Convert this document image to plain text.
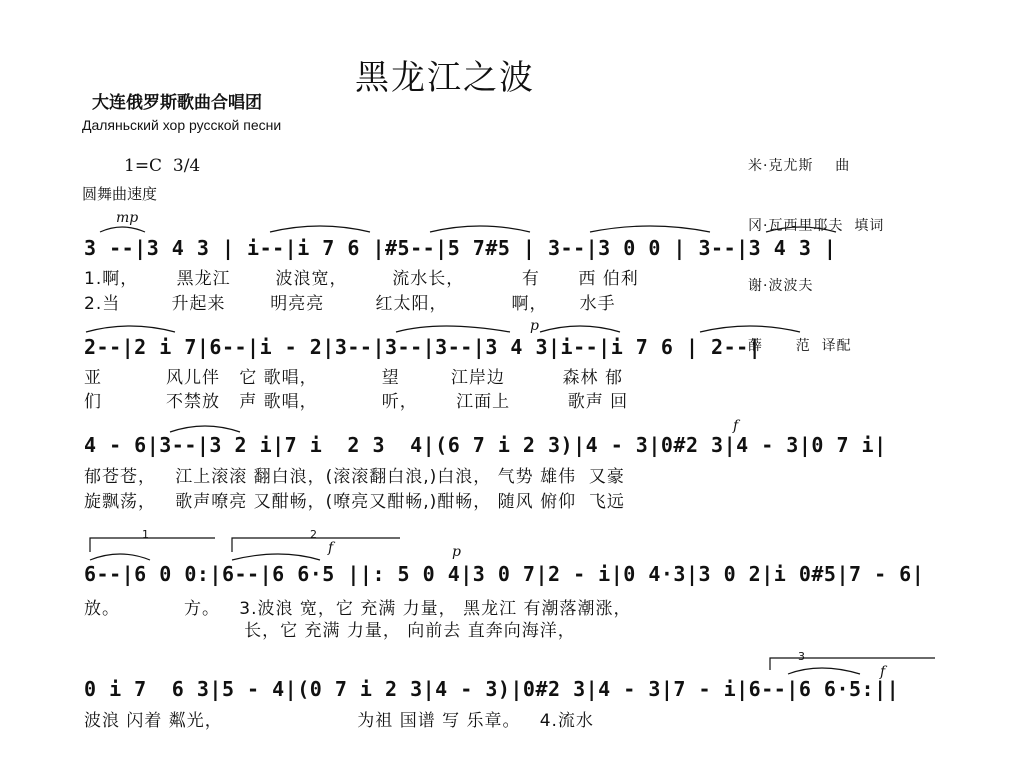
黑龙江之波
大连俄罗斯歌曲合唱团
Даляньский хор русской песни
1=C  3/4
圆舞曲速度

米·克尤斯    曲

冈·瓦西里耶夫  填词

谢·波波夫

薛      范  译配

mp
3 --|3 4 3 | i--|i 7 6 |#5--|5 7#5 | 3--|3 0 0 | 3--|3 4 3 |
1.啊，      黑龙江       波浪宽，       流水长，         有      西 伯利
2.当        升起来       明亮亮        红太阳，          啊，     水手
p
2--|2 i 7|6--|i - 2|3--|3--|3--|3 4 3|i--|i 7 6 | 2--|
亚          风儿伴   它 歌唱，          望        江岸边         森林 郁
们          不禁放   声 歌唱，          听，      江面上         歌声 回
f
4 - 6|3--|3 2 i|7 i  2 3  4|(6 7 i 2 3)|4 - 3|0#2 3|4 - 3|0 7 i|
郁苍苍，   江上滚滚 翻白浪，(滚滚翻白浪,)白浪， 气势 雄伟  又豪
旋飘荡，   歌声嘹亮 又酣畅，(嘹亮又酣畅,)酣畅， 随风 俯仰  飞远
1	2
f	p
6--|6 0 0:|6--|6 6·5 ||: 5 0 4|3 0 7|2 - i|0 4·3|3 0 2|i 0#5|7 - 6|
放。          方。   3.波浪 宽，它 充满 力量， 黑龙江 有潮落潮涨，
长，它 充满 力量， 向前去 直奔向海洋，
3
f
0 i 7  6 3|5 - 4|(0 7 i 2 3|4 - 3)|0#2 3|4 - 3|7 - i|6--|6 6·5:||
波浪 闪着 粼光，                     为祖 国谱 写 乐章。   4.流水
